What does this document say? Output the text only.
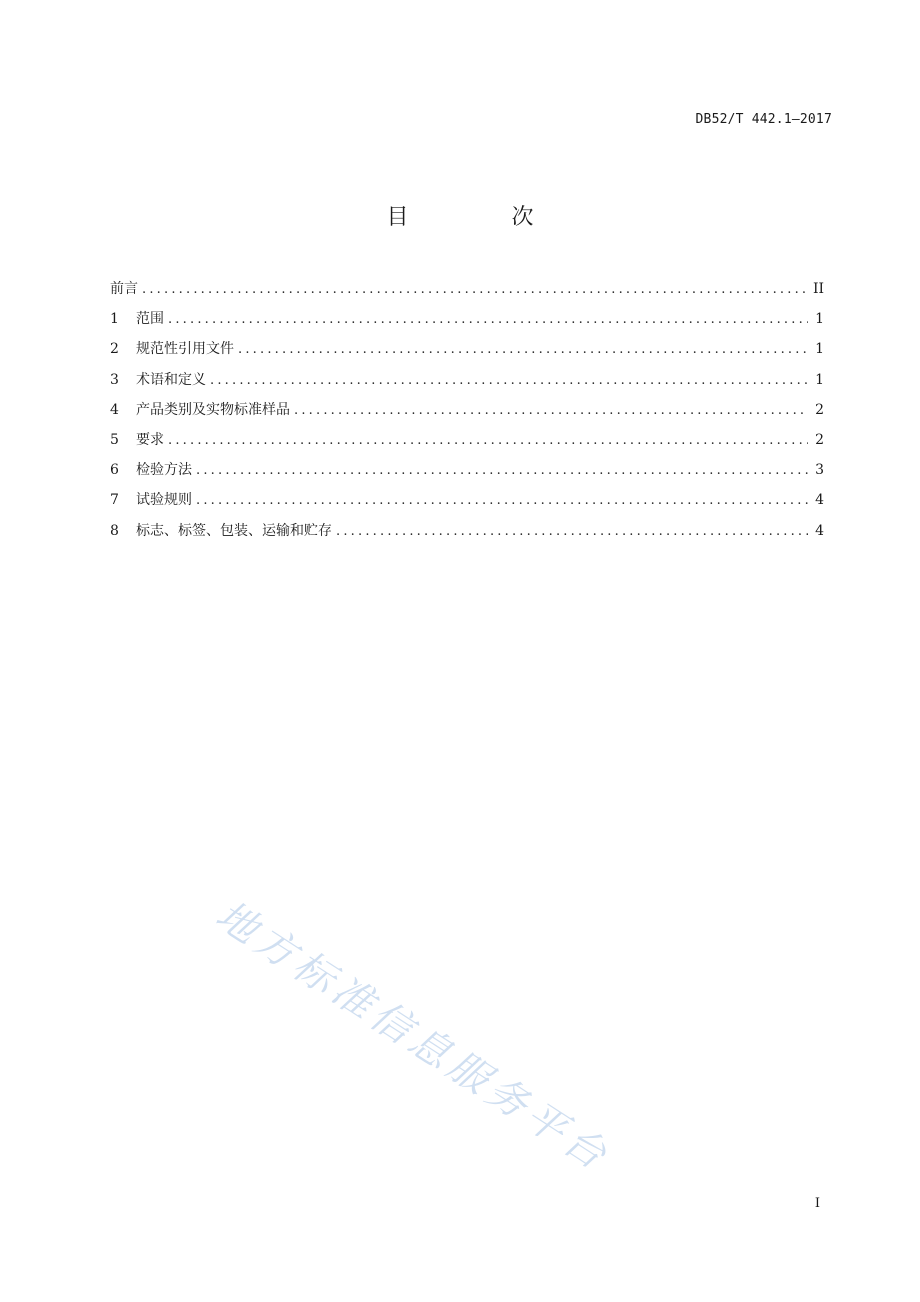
DB52/T 442.1—2017
目 次
前言 .....	II
1	范围 .....	1
2	规范性引用文件 .....	1
3	术语和定义 .....	1
4	产品类别及实物标准样品 .....	2
5	要求 .....	2
6	检验方法 .....	3
7	试验规则 .....	4
8	标志、标签、包装、运输和贮存 .....	4
地方标准信息服务平台
I
